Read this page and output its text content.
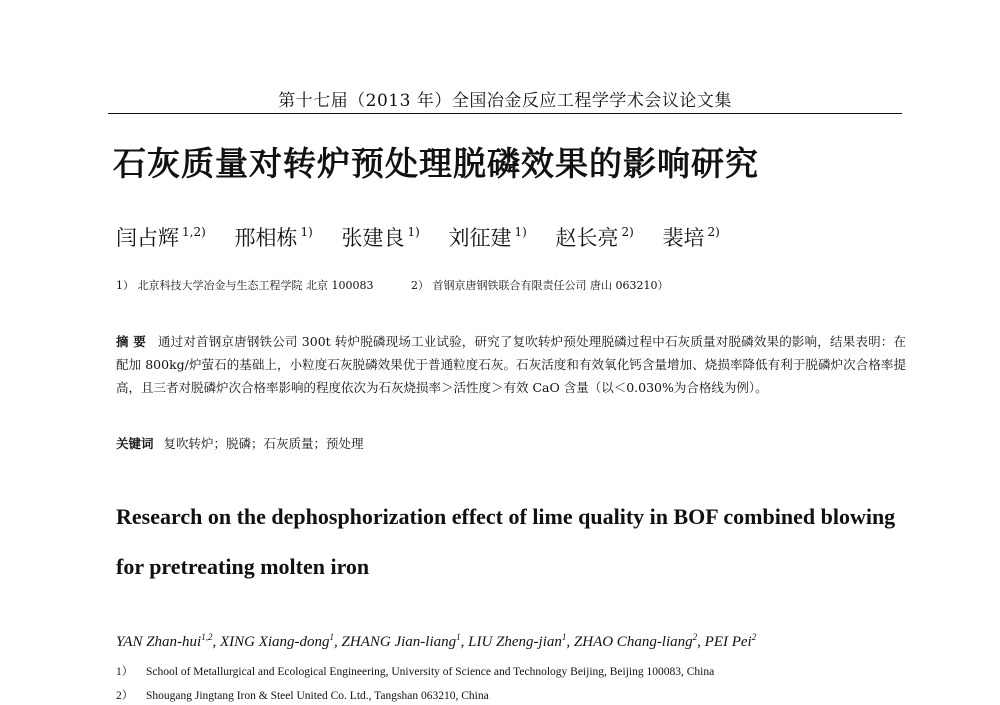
第十七届（2013 年）全国冶金反应工程学学术会议论文集
石灰质量对转炉预处理脱磷效果的影响研究
闫占辉 $^{1,2)}$ 邢相栋 $^{1)}$ 张建良 $^{1)}$ 刘征建 $^{1)}$ 赵长亮 $^{2)}$ 裴培 $^{2)}$
1） 北京科技大学冶金与生态工程学院 北京 100083	2） 首钢京唐钢铁联合有限责任公司 唐山 063210）
摘 要 通过对首钢京唐钢铁公司 300t 转炉脱磷现场工业试验，研究了复吹转炉预处理脱磷过程中石灰质量对脱磷效果的影响，结果表明：在配加 800kg/炉萤石的基础上，小粒度石灰脱磷效果优于普通粒度石灰。石灰活度和有效氧化钙含量增加、烧损率降低有利于脱磷炉次合格率提高，且三者对脱磷炉次合格率影响的程度依次为石灰烧损率＞活性度＞有效 CaO 含量（以＜0.030%为合格线为例）。
关键词 复吹转炉；脱磷；石灰质量；预处理
Research on the dephosphorization effect of lime quality in BOF combined blowing for pretreating molten iron
YAN Zhan-hui$^{1,2}$, XING Xiang-dong$^1$, ZHANG Jian-liang$^1$, LIU Zheng-jian$^1$, ZHAO Chang-liang$^2$, PEI Pei$^2$
1） School of Metallurgical and Ecological Engineering, University of Science and Technology Beijing, Beijing 100083, China
2） Shougang Jingtang Iron & Steel United Co. Ltd., Tangshan 063210, China
